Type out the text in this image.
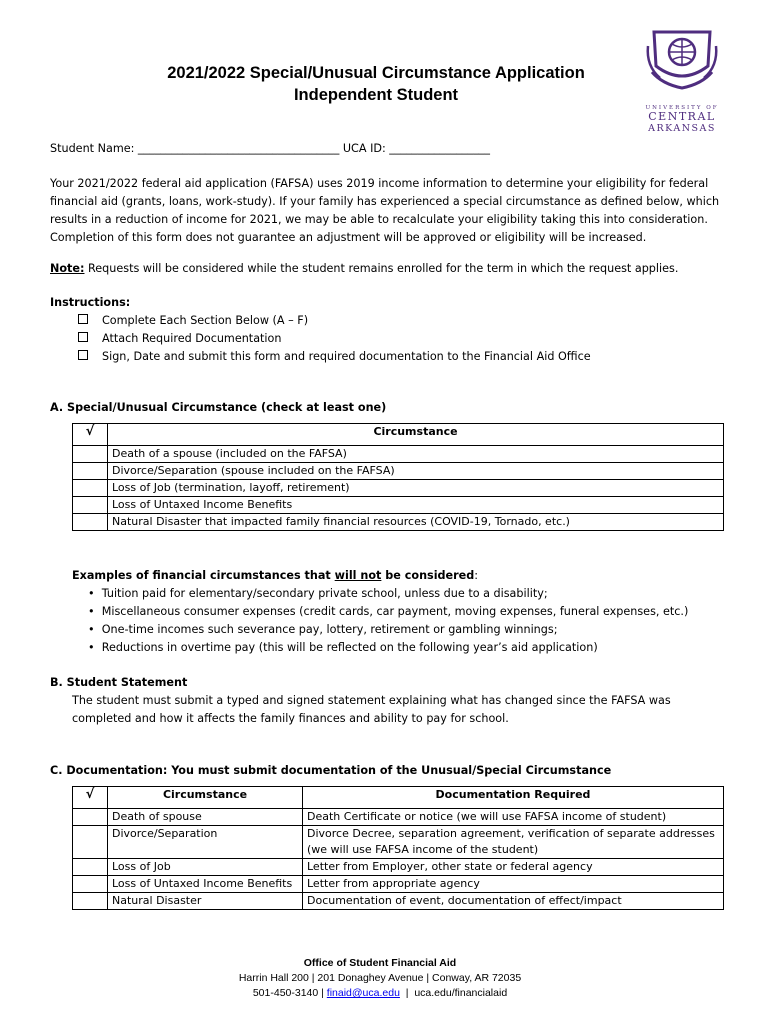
2021/2022 Special/Unusual Circumstance Application
Independent Student
UNIVERSITY OF
CENTRAL
ARKANSAS
Student Name: ____________________________________ UCA ID: __________________
Your 2021/2022 federal aid application (FAFSA) uses 2019 income information to determine your eligibility for federal
financial aid (grants, loans, work-study). If your family has experienced a special circumstance as defined below, which
results in a reduction of income for 2021, we may be able to recalculate your eligibility taking this into consideration.
Completion of this form does not guarantee an adjustment will be approved or eligibility will be increased.
Note: Requests will be considered while the student remains enrolled for the term in which the request applies.
Instructions:
Complete Each Section Below (A – F)
Attach Required Documentation
Sign, Date and submit this form and required documentation to the Financial Aid Office
A. Special/Unusual Circumstance (check at least one)
√	Circumstance
	Death of a spouse (included on the FAFSA)
	Divorce/Separation (spouse included on the FAFSA)
	Loss of Job (termination, layoff, retirement)
	Loss of Untaxed Income Benefits
	Natural Disaster that impacted family financial resources (COVID-19, Tornado, etc.)
Examples of financial circumstances that will not be considered:
•  Tuition paid for elementary/secondary private school, unless due to a disability;
•  Miscellaneous consumer expenses (credit cards, car payment, moving expenses, funeral expenses, etc.)
•  One-time incomes such severance pay, lottery, retirement or gambling winnings;
•  Reductions in overtime pay (this will be reflected on the following year’s aid application)
B. Student Statement
The student must submit a typed and signed statement explaining what has changed since the FAFSA was
completed and how it affects the family finances and ability to pay for school.
C. Documentation: You must submit documentation of the Unusual/Special Circumstance
√	Circumstance	Documentation Required
	Death of spouse	Death Certificate or notice (we will use FAFSA income of student)
	Divorce/Separation	Divorce Decree, separation agreement, verification of separate addresses (we will use FAFSA income of the student)
	Loss of Job	Letter from Employer, other state or federal agency
	Loss of Untaxed Income Benefits	Letter from appropriate agency
	Natural Disaster	Documentation of event, documentation of effect/impact
Office of Student Financial Aid
Harrin Hall 200 | 201 Donaghey Avenue | Conway, AR 72035
501-450-3140 | finaid@uca.edu  |  uca.edu/financialaid
